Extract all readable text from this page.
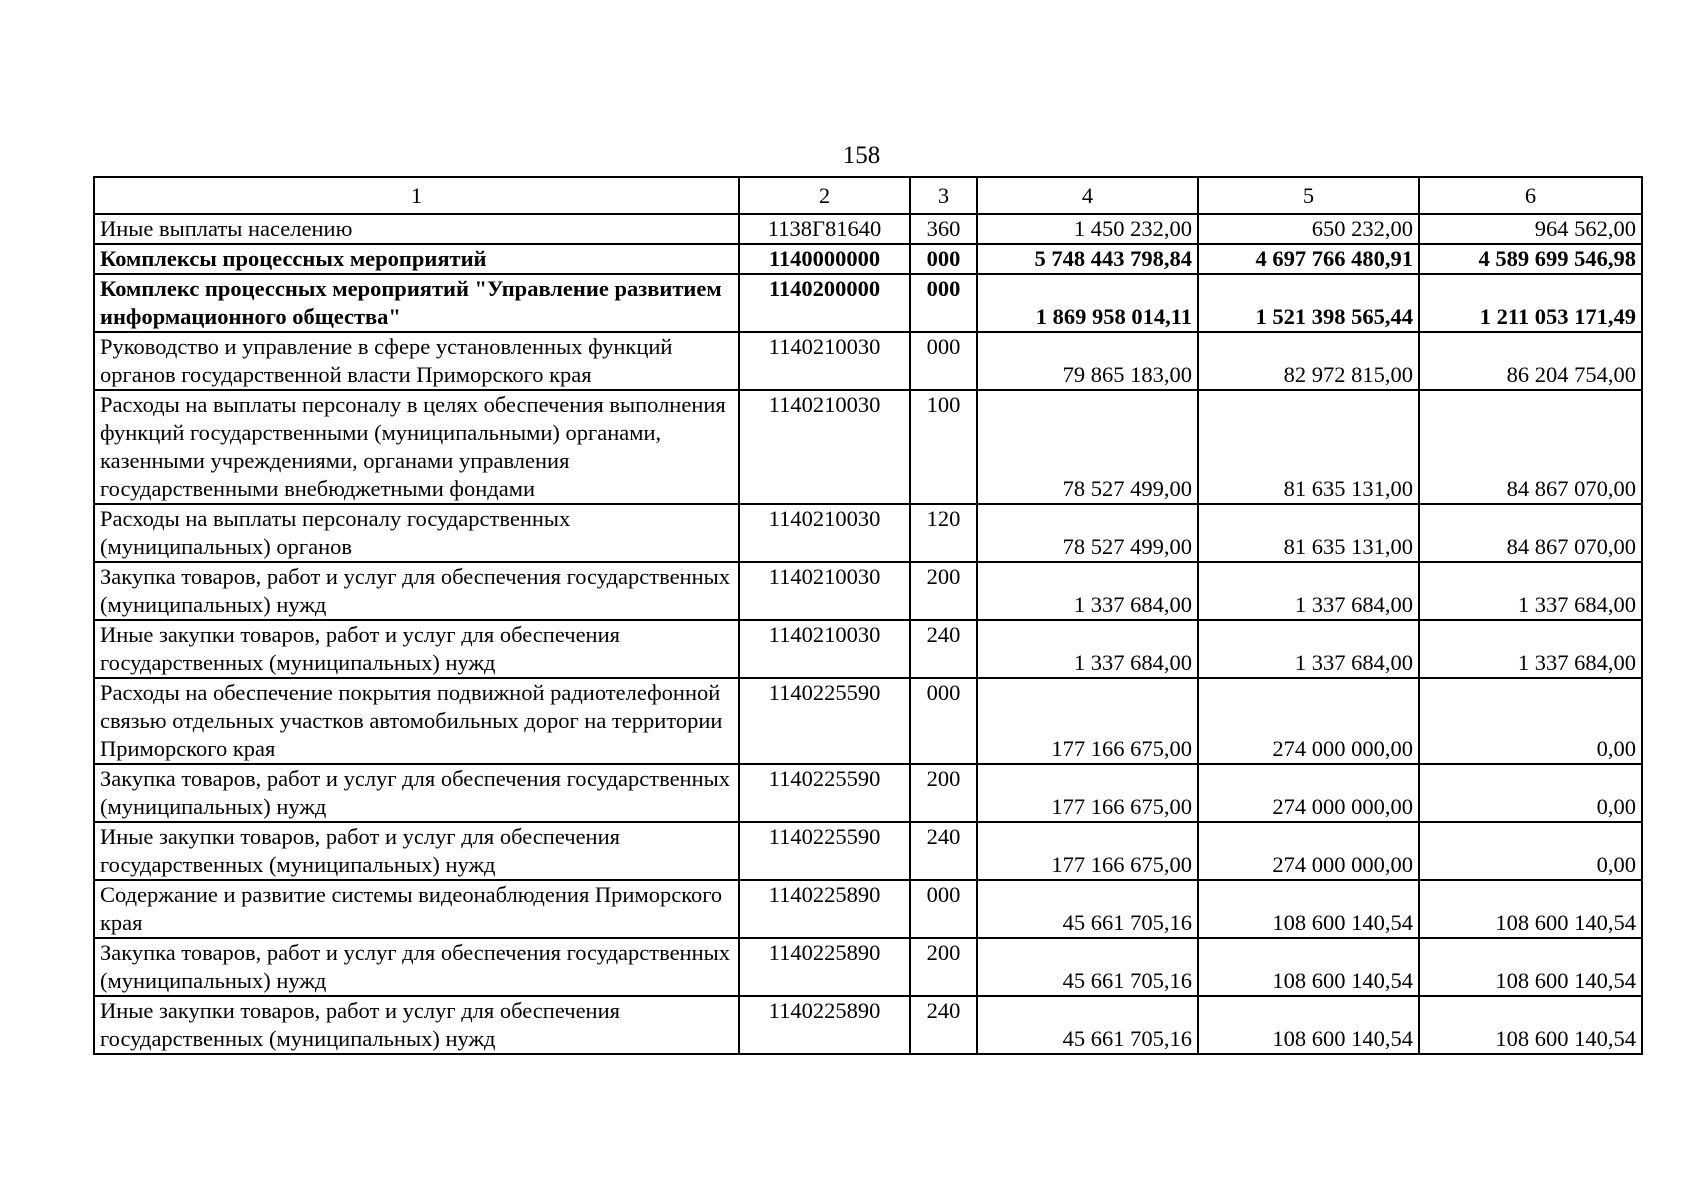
158
1	2	3	4	5	6
Иные выплаты населению	1138Г81640	360	1 450 232,00	650 232,00	964 562,00
Комплексы процессных мероприятий	1140000000	000	5 748 443 798,84	4 697 766 480,91	4 589 699 546,98
Комплекс процессных мероприятий "Управление развитием информационного общества"	1140200000	000	1 869 958 014,11	1 521 398 565,44	1 211 053 171,49
Руководство и управление в сфере установленных функций органов государственной власти Приморского края	1140210030	000	79 865 183,00	82 972 815,00	86 204 754,00
Расходы на выплаты персоналу в целях обеспечения выполнения функций государственными (муниципальными) органами, казенными учреждениями, органами управления государственными внебюджетными фондами	1140210030	100	78 527 499,00	81 635 131,00	84 867 070,00
Расходы на выплаты персоналу государственных (муниципальных) органов	1140210030	120	78 527 499,00	81 635 131,00	84 867 070,00
Закупка товаров, работ и услуг для обеспечения государственных (муниципальных) нужд	1140210030	200	1 337 684,00	1 337 684,00	1 337 684,00
Иные закупки товаров, работ и услуг для обеспечения государственных (муниципальных) нужд	1140210030	240	1 337 684,00	1 337 684,00	1 337 684,00
Расходы на обеспечение покрытия подвижной радиотелефонной связью отдельных участков автомобильных дорог на территории Приморского края	1140225590	000	177 166 675,00	274 000 000,00	0,00
Закупка товаров, работ и услуг для обеспечения государственных (муниципальных) нужд	1140225590	200	177 166 675,00	274 000 000,00	0,00
Иные закупки товаров, работ и услуг для обеспечения государственных (муниципальных) нужд	1140225590	240	177 166 675,00	274 000 000,00	0,00
Содержание и развитие системы видеонаблюдения Приморского края	1140225890	000	45 661 705,16	108 600 140,54	108 600 140,54
Закупка товаров, работ и услуг для обеспечения государственных (муниципальных) нужд	1140225890	200	45 661 705,16	108 600 140,54	108 600 140,54
Иные закупки товаров, работ и услуг для обеспечения государственных (муниципальных) нужд	1140225890	240	45 661 705,16	108 600 140,54	108 600 140,54
